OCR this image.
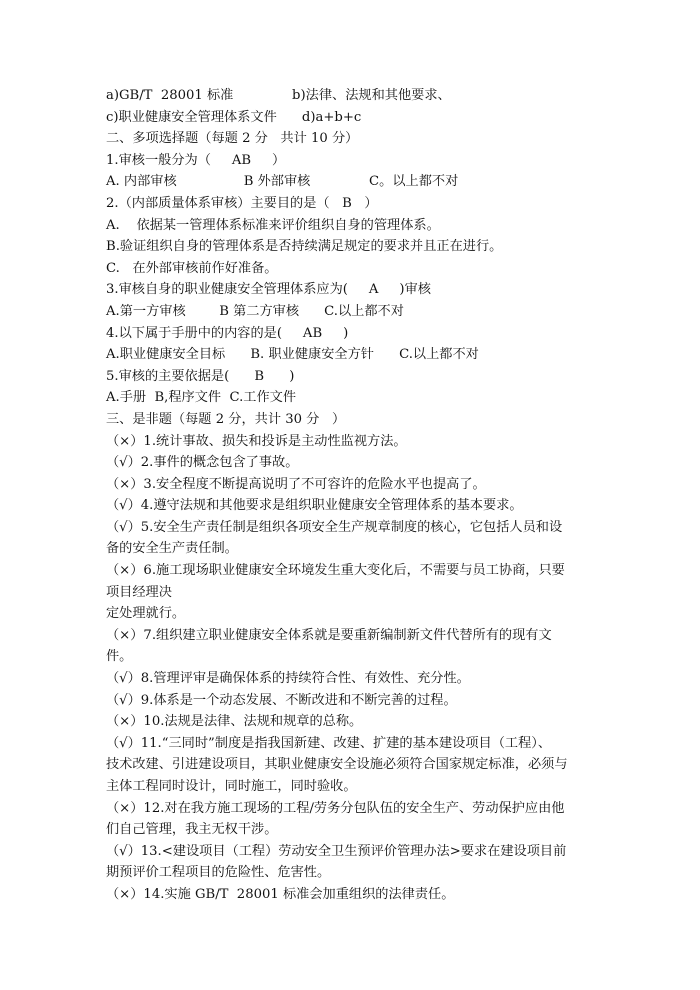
a)GB/T  28001 标准              b)法律、法规和其他要求、
c)职业健康安全管理体系文件      d)a+b+c
二、多项选择题（每题 2 分   共计 10 分）
1.审核一般分为（     AB     ）
A. 内部审核                B 外部审核              C。以上都不对
2.（内部质量体系审核）主要目的是（   B   ）
A.    依据某一管理体系标准来评价组织自身的管理体系。
B.验证组织自身的管理体系是否持续满足规定的要求并且正在进行。
C.   在外部审核前作好准备。
3.审核自身的职业健康安全管理体系应为(     A     )审核
A.第一方审核        B 第二方审核      C.以上都不对
4.以下属于手册中的内容的是(     AB     )
A.职业健康安全目标      B. 职业健康安全方针      C.以上都不对
5.审核的主要依据是(      B      )
A.手册  B,程序文件  C.工作文件
三、是非题（每题 2 分，共计 30 分   ）
（×）1.统计事故、损失和投诉是主动性监视方法。
（√）2.事件的概念包含了事故。
（×）3.安全程度不断提高说明了不可容许的危险水平也提高了。
（√）4.遵守法规和其他要求是组织职业健康安全管理体系的基本要求。
（√）5.安全生产责任制是组织各项安全生产规章制度的核心，它包括人员和设
备的安全生产责任制。
（×）6.施工现场职业健康安全环境发生重大变化后，不需要与员工协商，只要
项目经理决
定处理就行。
（×）7.组织建立职业健康安全体系就是要重新编制新文件代替所有的现有文
件。
（√）8.管理评审是确保体系的持续符合性、有效性、充分性。
（√）9.体系是一个动态发展、不断改进和不断完善的过程。
（×）10.法规是法律、法规和规章的总称。
（√）11.“三同时”制度是指我国新建、改建、扩建的基本建设项目（工程）、
技术改建、引进建设项目，其职业健康安全设施必须符合国家规定标准，必须与
主体工程同时设计，同时施工，同时验收。
（×）12.对在我方施工现场的工程/劳务分包队伍的安全生产、劳动保护应由他
们自己管理，我主无权干涉。
（√）13.<建设项目（工程）劳动安全卫生预评价管理办法>要求在建设项目前
期预评价工程项目的危险性、危害性。
（×）14.实施 GB/T  28001 标准会加重组织的法律责任。
